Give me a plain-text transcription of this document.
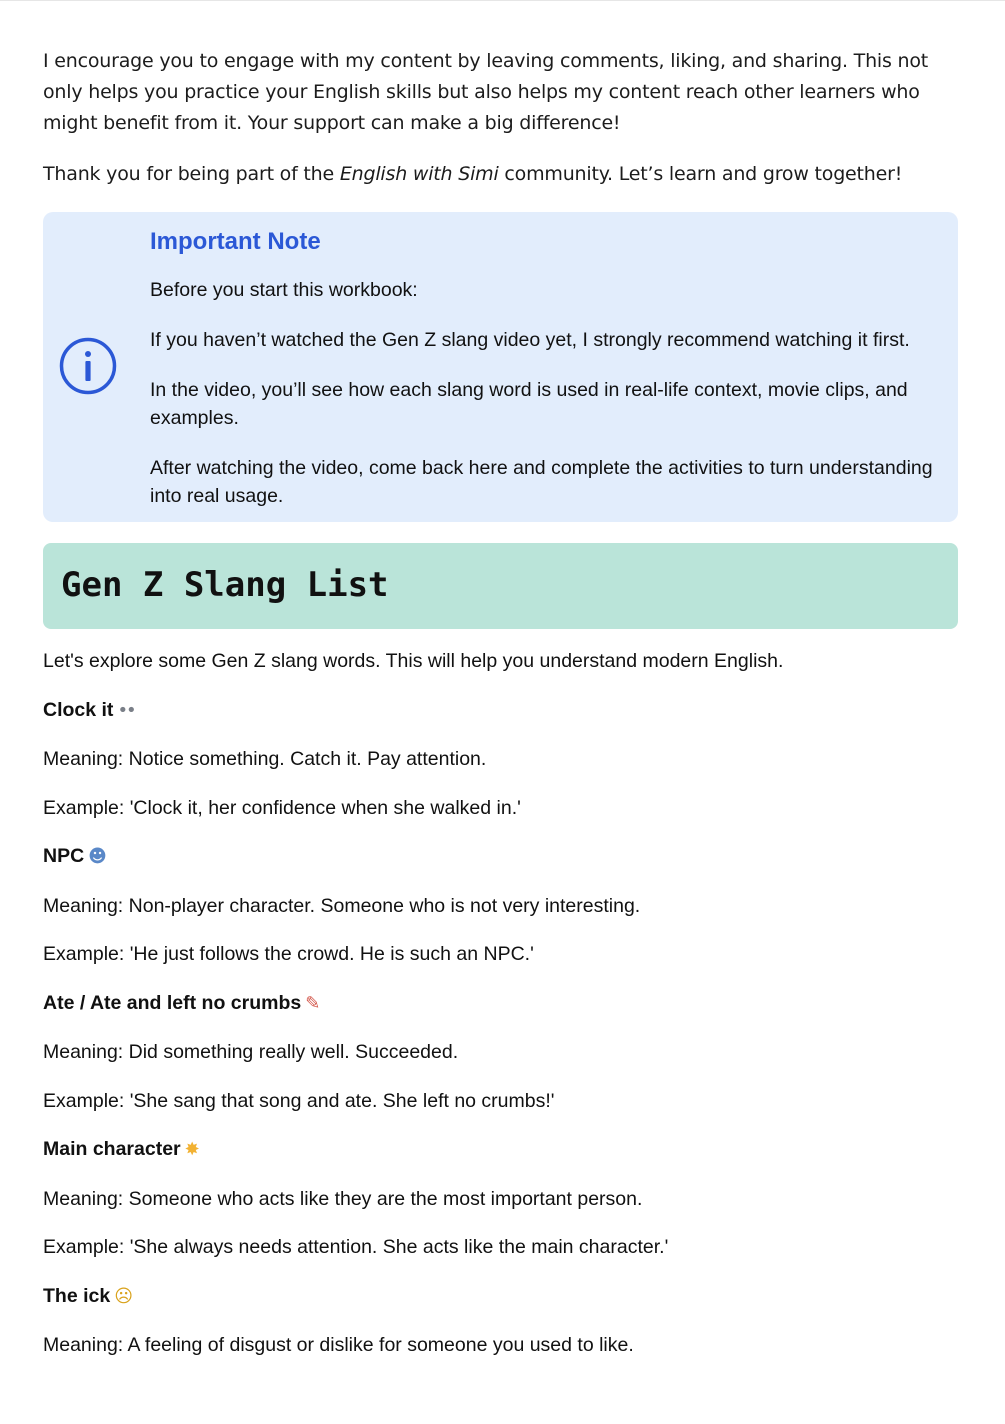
I encourage you to engage with my content by leaving comments, liking, and sharing. This not only helps you practice your English skills but also helps my content reach other learners who might benefit from it. Your support can make a big difference!

Thank you for being part of the English with Simi community. Let’s learn and grow together!

Important Note

Before you start this workbook:

If you haven’t watched the Gen Z slang video yet, I strongly recommend watching it first.

In the video, you’ll see how each slang word is used in real-life context, movie clips, and examples.

After watching the video, come back here and complete the activities to turn understanding into real usage.

Gen Z Slang List

Let's explore some Gen Z slang words. This will help you understand modern English.

Clock it ••

Meaning: Notice something. Catch it. Pay attention.

Example: 'Clock it, her confidence when she walked in.'

NPC ☻

Meaning: Non-player character. Someone who is not very interesting.

Example: 'He just follows the crowd. He is such an NPC.'

Ate / Ate and left no crumbs ✎

Meaning: Did something really well. Succeeded.

Example: 'She sang that song and ate. She left no crumbs!'

Main character ✸

Meaning: Someone who acts like they are the most important person.

Example: 'She always needs attention. She acts like the main character.'

The ick ☹

Meaning: A feeling of disgust or dislike for someone you used to like.
